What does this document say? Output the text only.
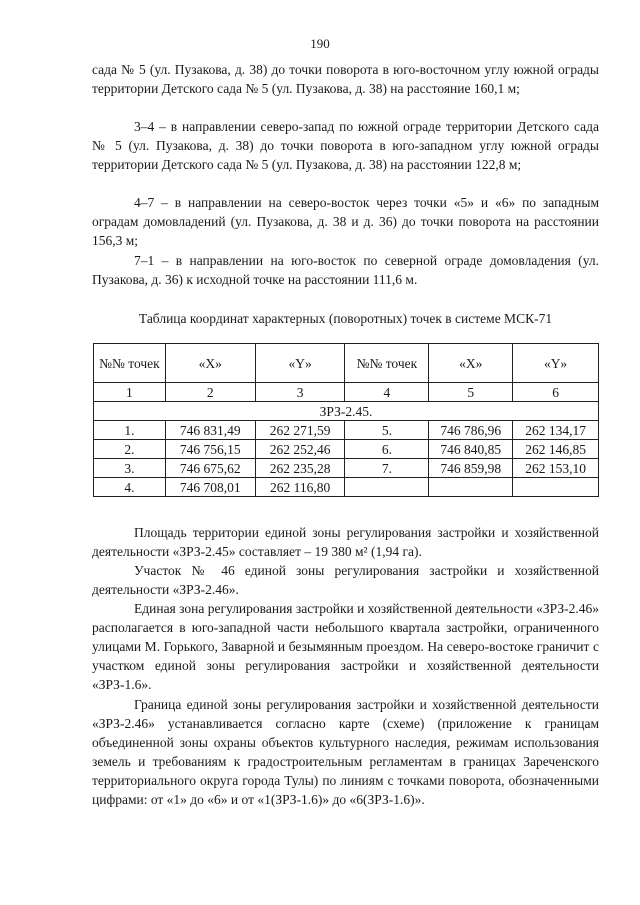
190

сада № 5 (ул. Пузакова, д. 38) до точки поворота в юго-восточном углу южной ограды территории Детского сада № 5 (ул. Пузакова, д. 38) на расстояние 160,1 м;

3–4 – в направлении северо-запад по южной ограде территории Детского сада № 5 (ул. Пузакова, д. 38) до точки поворота в юго-западном углу южной ограды территории Детского сада № 5 (ул. Пузакова, д. 38) на расстоянии 122,8 м;

4–7 – в направлении на северо-восток через точки «5» и «6» по западным оградам домовладений (ул. Пузакова, д. 38 и д. 36) до точки поворота на расстоянии 156,3 м;

7–1 – в направлении на юго-восток по северной ограде домовладения (ул. Пузакова, д. 36) к исходной точке на расстоянии 111,6 м.

Таблица координат характерных (поворотных) точек в системе МСК-71
№№ точек	«X»	«Y»	№№ точек	«X»	«Y»
1	2	3	4	5	6
ЗРЗ-2.45.					
1.	746 831,49	262 271,59	5.	746 786,96	262 134,17
2.	746 756,15	262 252,46	6.	746 840,85	262 146,85
3.	746 675,62	262 235,28	7.	746 859,98	262 153,10
4.	746 708,01	262 116,80			

Площадь территории единой зоны регулирования застройки и хозяйственной деятельности «ЗРЗ-2.45» составляет – 19 380 м² (1,94 га).

Участок № 46 единой зоны регулирования застройки и хозяйственной деятельности «ЗРЗ-2.46».

Единая зона регулирования застройки и хозяйственной деятельности «ЗРЗ-2.46» располагается в юго-западной части небольшого квартала застройки, ограниченного улицами М. Горького, Заварной и безымянным проездом. На северо-востоке граничит с участком единой зоны регулирования застройки и хозяйственной деятельности «ЗРЗ-1.6».

Граница единой зоны регулирования застройки и хозяйственной деятельности «ЗРЗ-2.46» устанавливается согласно карте (схеме) (приложение к границам объединенной зоны охраны объектов культурного наследия, режимам использования земель и требованиям к градостроительным регламентам в границах Зареченского территориального округа города Тулы) по линиям с точками поворота, обозначенными цифрами: от «1» до «6» и от «1(ЗРЗ-1.6)» до «6(ЗРЗ-1.6)».
